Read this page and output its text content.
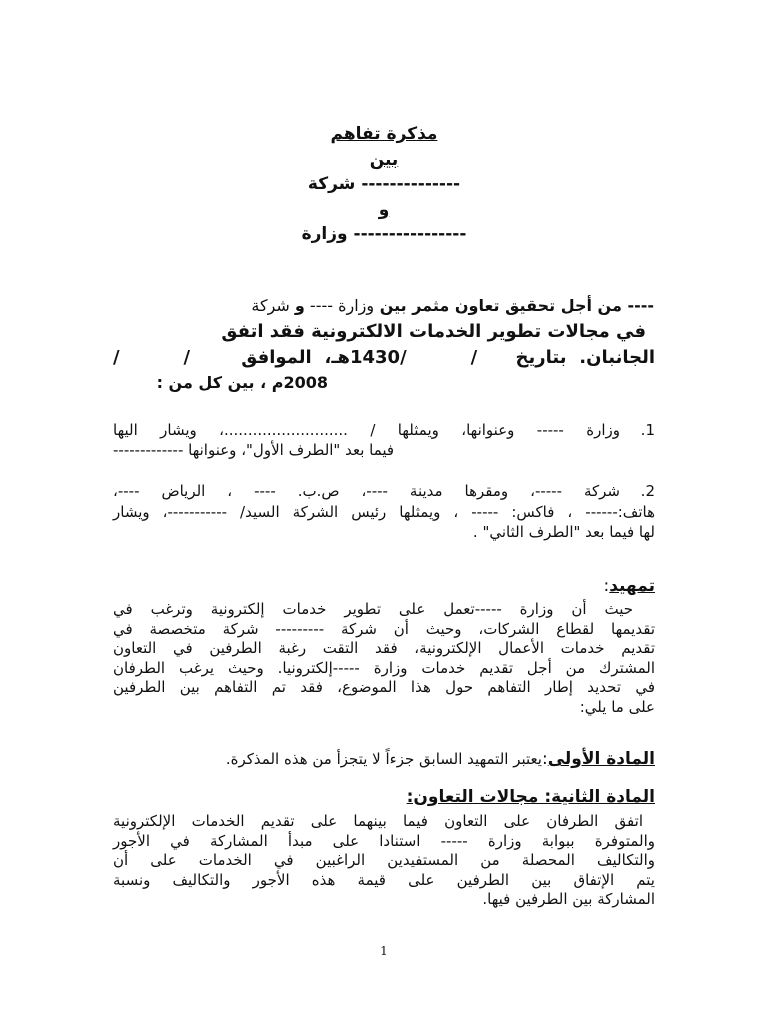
مذكرة تفاهم
بين
-------------- شركة
و
---------------- وزارة
---- من أجل تحقيق تعاون مثمر بين وزارة ---- و شركة
في مجالات تطوير الخدمات الالكترونية فقد اتفق
الجانبان. بتاريخ   /     /1430هـ، الموافق    /     /
2008م ، بين كل من :
1.
وزارة ----- وعنوانها، ويمثلها / ..........................، ويشار اليها
فيما بعد "الطرف الأول"، وعنوانها -------------
2.
شركة -----، ومقرها مدينة ----، ص.ب. ---- ، الرياض ----،
هاتف:------ ، فاكس: ----- ، ويمثلها رئيس الشركة السيد/ -----------، ويشار
لها فيما بعد "الطرف الثاني" .
تمهيد:
حيث أن وزارة -----تعمل على تطوير خدمات إلكترونية وترغب في
تقديمها لقطاع الشركات، وحيث أن شركة --------- شركة متخصصة في
تقديم خدمات الأعمال الإلكترونية، فقد التقت رغبة الطرفين في التعاون
المشترك من أجل تقديم خدمات وزارة -----إلكترونيا. وحيث يرغب الطرفان
في تحديد إطار التفاهم حول هذا الموضوع، فقد تم التفاهم بين الطرفين
على ما يلي:
المادة الأولى:يعتبر التمهيد السابق جزءاً لا يتجزأ من هذه المذكرة.
المادة الثانية: مجالات التعاون:
اتفق الطرفان على التعاون فيما بينهما على تقديم الخدمات الإلكترونية
والمتوفرة ببوابة وزارة ----- استنادا على مبدأ المشاركة في الأجور
والتكاليف المحصلة من المستفيدين الراغبين في الخدمات على أن
يتم الإتفاق بين الطرفين على قيمة هذه الأجور والتكاليف ونسبة
المشاركة بين الطرفين فيها.
1
